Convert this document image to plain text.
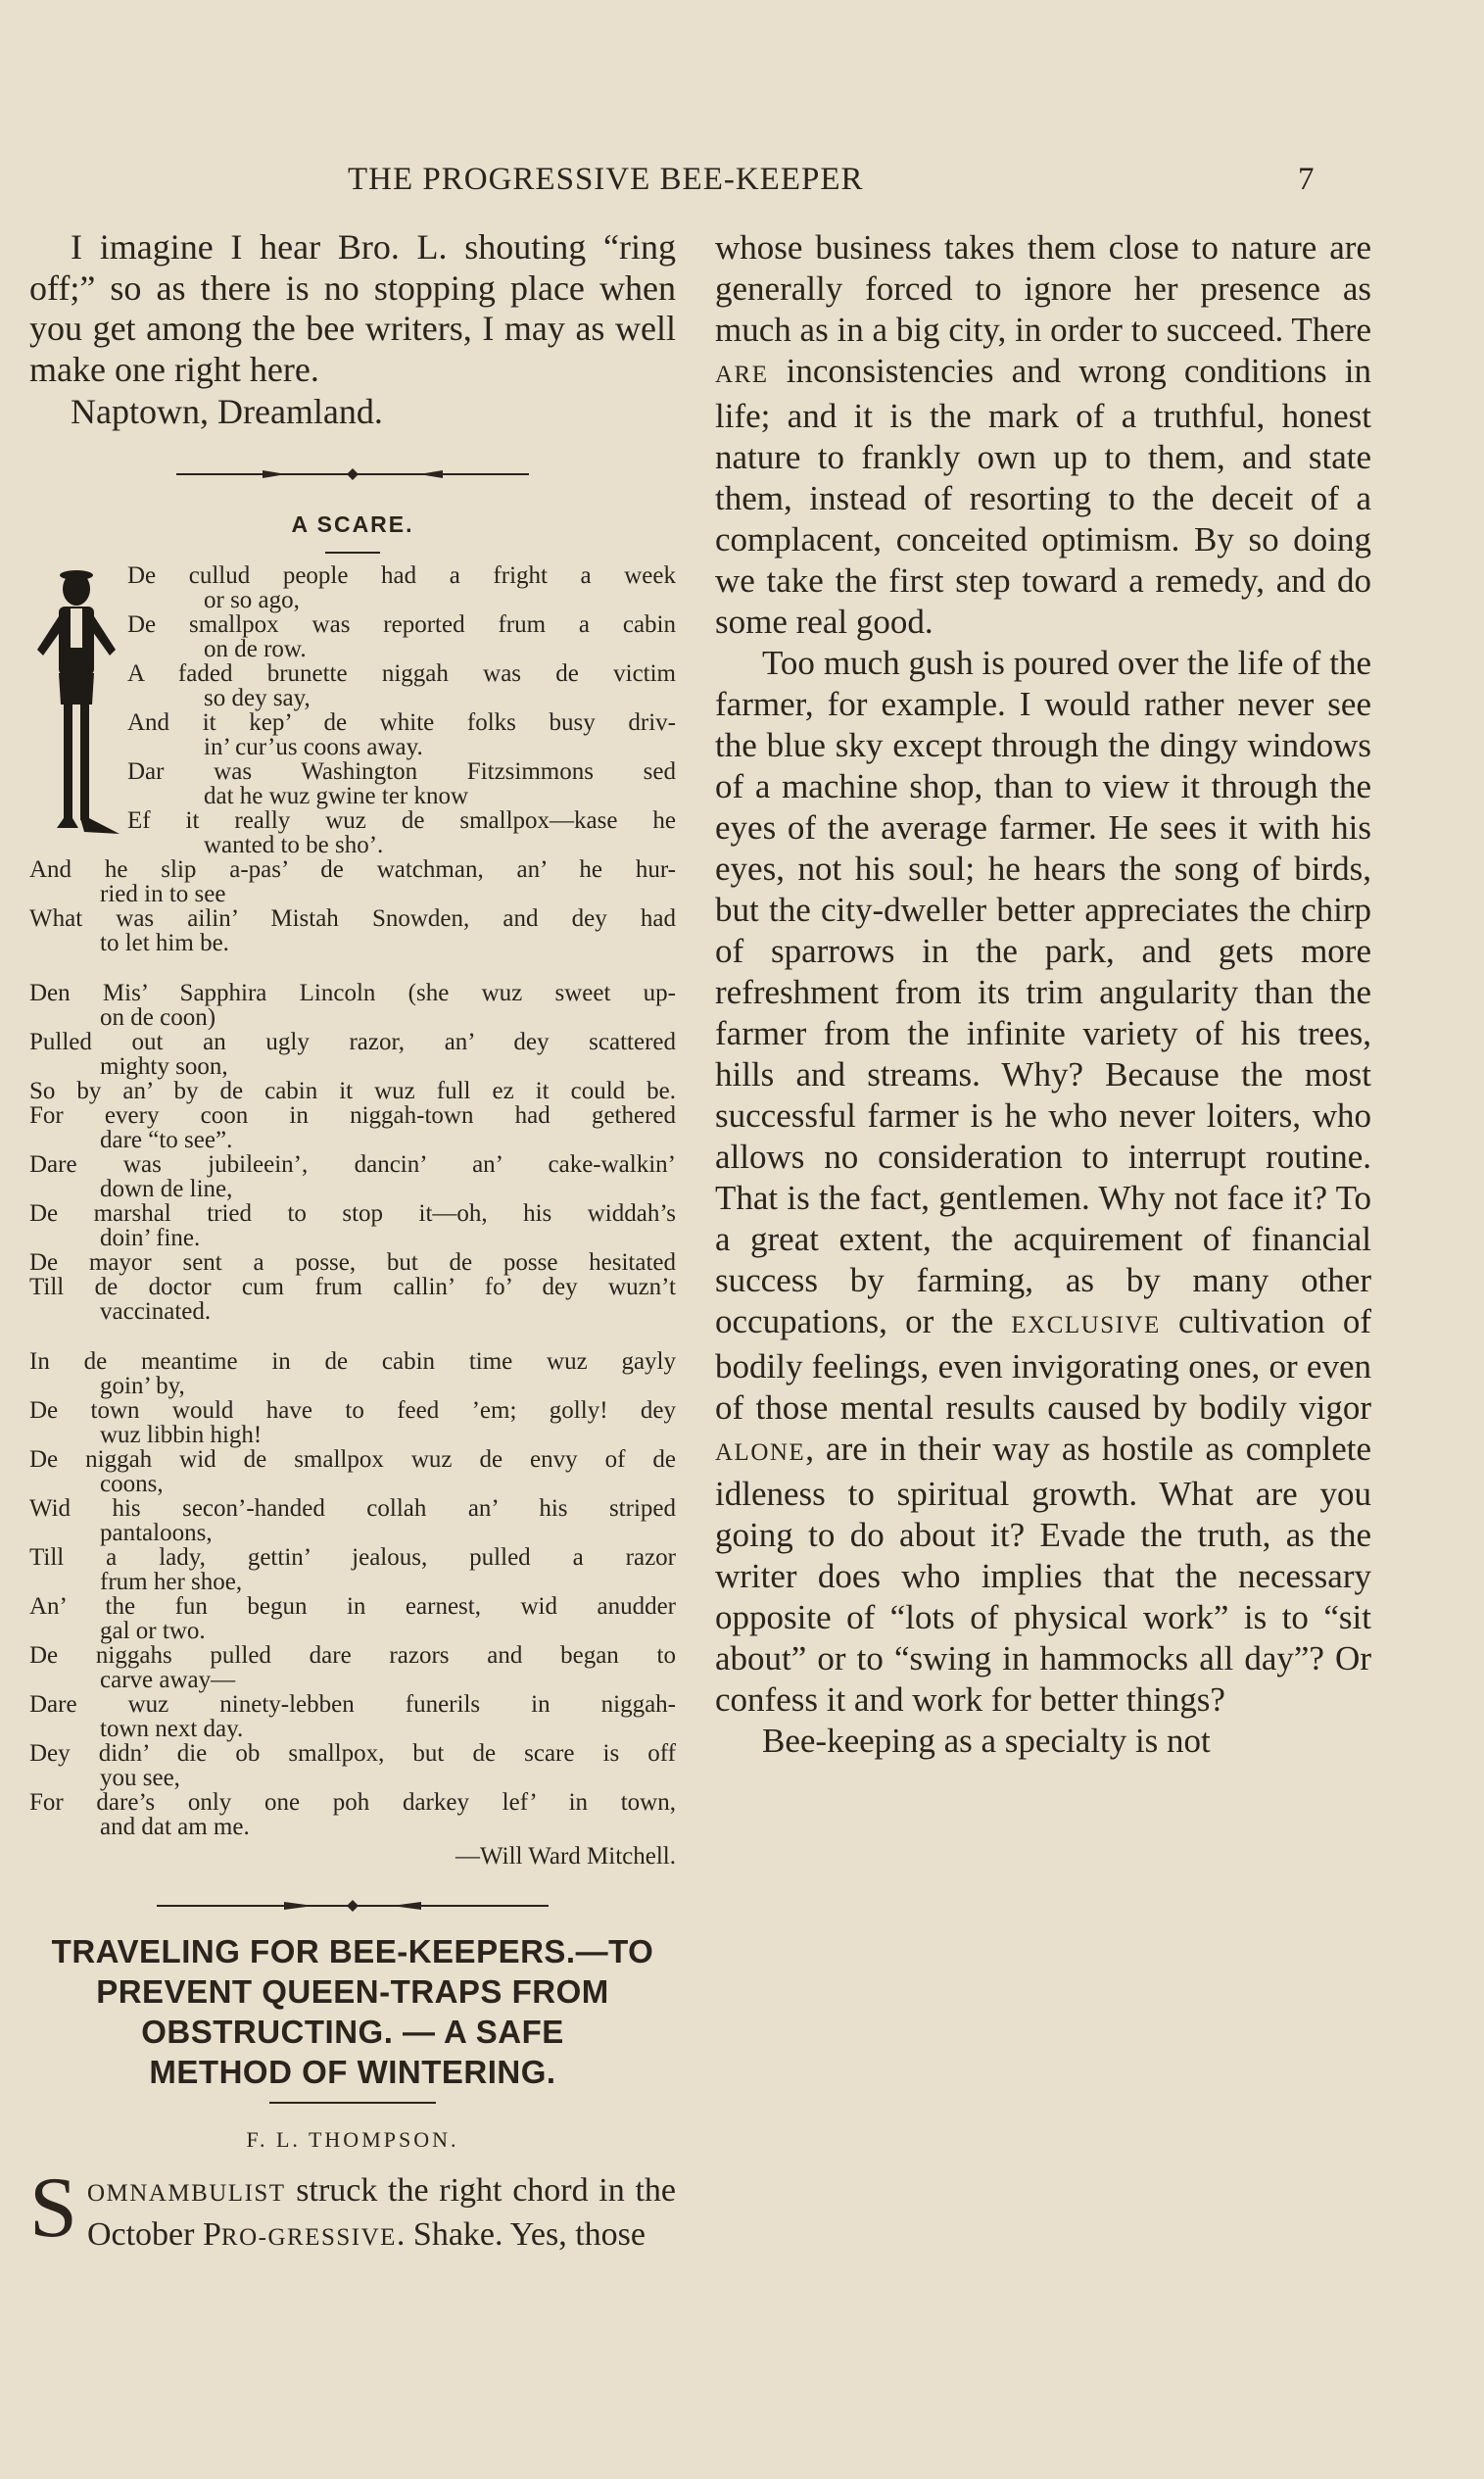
THE PROGRESSIVE BEE-KEEPER	7

I imagine I hear Bro. L. shouting “ring off;” so as there is no stopping place when you get among the bee writers, I may as well make one right here.

Naptown, Dreamland.

A SCARE.
De cullud people had a fright a week
or so ago,
De smallpox was reported frum a cabin
on de row.
A faded brunette niggah was de victim
so dey say,
And it kep’ de white folks busy driv-
in’ cur’us coons away.
Dar was Washington Fitzsimmons sed
dat he wuz gwine ter know
Ef it really wuz de smallpox—kase he
wanted to be sho’.
And he slip a-pas’ de watchman, an’ he hur-
ried in to see
What was ailin’ Mistah Snowden, and dey had
to let him be.
Den Mis’ Sapphira Lincoln (she wuz sweet up-
on de coon)
Pulled out an ugly razor, an’ dey scattered
mighty soon,
So by an’ by de cabin it wuz full ez it could be.
For every coon in niggah-town had gethered
dare “to see”.
Dare was jubileein’, dancin’ an’ cake-walkin’
down de line,
De marshal tried to stop it—oh, his widdah’s
doin’ fine.
De mayor sent a posse, but de posse hesitated
Till de doctor cum frum callin’ fo’ dey wuzn’t
vaccinated.
In de meantime in de cabin time wuz gayly
goin’ by,
De town would have to feed ’em; golly! dey
wuz libbin high!
De niggah wid de smallpox wuz de envy of de
coons,
Wid his secon’-handed collah an’ his striped
pantaloons,
Till a lady, gettin’ jealous, pulled a razor
frum her shoe,
An’ the fun begun in earnest, wid anudder
gal or two.
De niggahs pulled dare razors and began to
carve away—
Dare wuz ninety-lebben funerils in niggah-
town next day.
Dey didn’ die ob smallpox, but de scare is off
you see,
For dare’s only one poh darkey lef’ in town,
and dat am me.
—Will Ward Mitchell.
TRAVELING FOR BEE-KEEPERS.—TO
PREVENT QUEEN-TRAPS FROM
OBSTRUCTING. — A SAFE
METHOD OF WINTERING.
F. L. THOMPSON.
SOMNAMBULIST struck the right chord in the October PRO-GRESSIVE. Shake. Yes, those

whose business takes them close to nature are generally forced to ignore her presence as much as in a big city, in order to succeed. There ARE inconsistencies and wrong conditions in life; and it is the mark of a truthful, honest nature to frankly own up to them, and state them, instead of resorting to the deceit of a complacent, conceited optimism. By so doing we take the first step toward a remedy, and do some real good.

Too much gush is poured over the life of the farmer, for example. I would rather never see the blue sky except through the dingy windows of a machine shop, than to view it through the eyes of the average farmer. He sees it with his eyes, not his soul; he hears the song of birds, but the city-dweller better appreciates the chirp of sparrows in the park, and gets more refreshment from its trim angularity than the farmer from the infinite variety of his trees, hills and streams. Why? Because the most successful farmer is he who never loiters, who allows no consideration to interrupt routine. That is the fact, gentlemen. Why not face it? To a great extent, the acquirement of financial success by farming, as by many other occupations, or the EXCLUSIVE cultivation of bodily feelings, even invigorating ones, or even of those mental results caused by bodily vigor ALONE, are in their way as hostile as complete idleness to spiritual growth. What are you going to do about it? Evade the truth, as the writer does who implies that the necessary opposite of “lots of physical work” is to “sit about” or to “swing in hammocks all day”? Or confess it and work for better things?

Bee-keeping as a specialty is not
